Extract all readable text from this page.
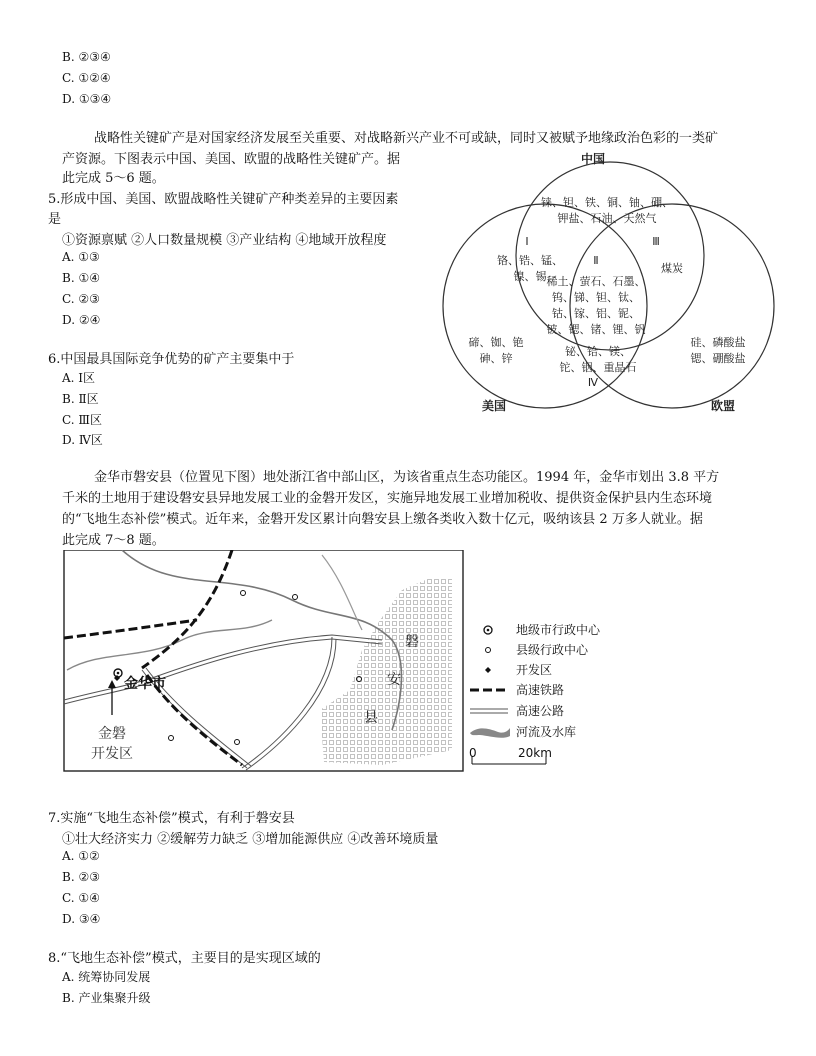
B. ②③④
C. ①②④
D. ①③④
战略性关键矿产是对国家经济发展至关重要、对战略新兴产业不可或缺，同时又被赋予地缘政治色彩的一类矿
产资源。下图表示中国、美国、欧盟的战略性关键矿产。据
此完成 5～6 题。
5.形成中国、美国、欧盟战略性关键矿产种类差异的主要因素
是
①资源禀赋 ②人口数量规模 ③产业结构 ④地域开放程度
A. ①③
B. ①④
C. ②③
D. ②④
6.中国最具国际竞争优势的矿产主要集中于
A. Ⅰ区
B. Ⅱ区
C. Ⅲ区
D. Ⅳ区
中国
美国	欧盟
铼、钽、铁、铜、铀、硼、
钾盐、石油、天然气
Ⅰ
铬、锆、锰、
镍、锡
Ⅱ
稀土、萤石、石墨、
钨、锑、钽、钛、
钴、镓、铝、铌、
铍、锶、锗、锂、钒
Ⅲ
煤炭
碲、铷、铯
砷、锌
硅、磷酸盐
锶、硼酸盐
铋、铪、镁、
铊、铟、重晶石
Ⅳ
金华市磐安县（位置见下图）地处浙江省中部山区，为该省重点生态功能区。1994 年，金华市划出 3.8 平方
千米的土地用于建设磐安县异地发展工业的金磐开发区，实施异地发展工业增加税收、提供资金保护县内生态环境
的“飞地生态补偿”模式。近年来，金磐开发区累计向磐安县上缴各类收入数十亿元，吸纳该县 2 万多人就业。据
此完成 7～8 题。
金华市
金磐
开发区
磐
安
县
地级市行政中心
县级行政中心
开发区
高速铁路
高速公路
河流及水库
0	20km
7.实施“飞地生态补偿”模式，有利于磐安县
①壮大经济实力 ②缓解劳力缺乏 ③增加能源供应 ④改善环境质量
A. ①②
B. ②③
C. ①④
D. ③④
8.“飞地生态补偿”模式，主要目的是实现区域的
A. 统筹协同发展
B. 产业集聚升级
